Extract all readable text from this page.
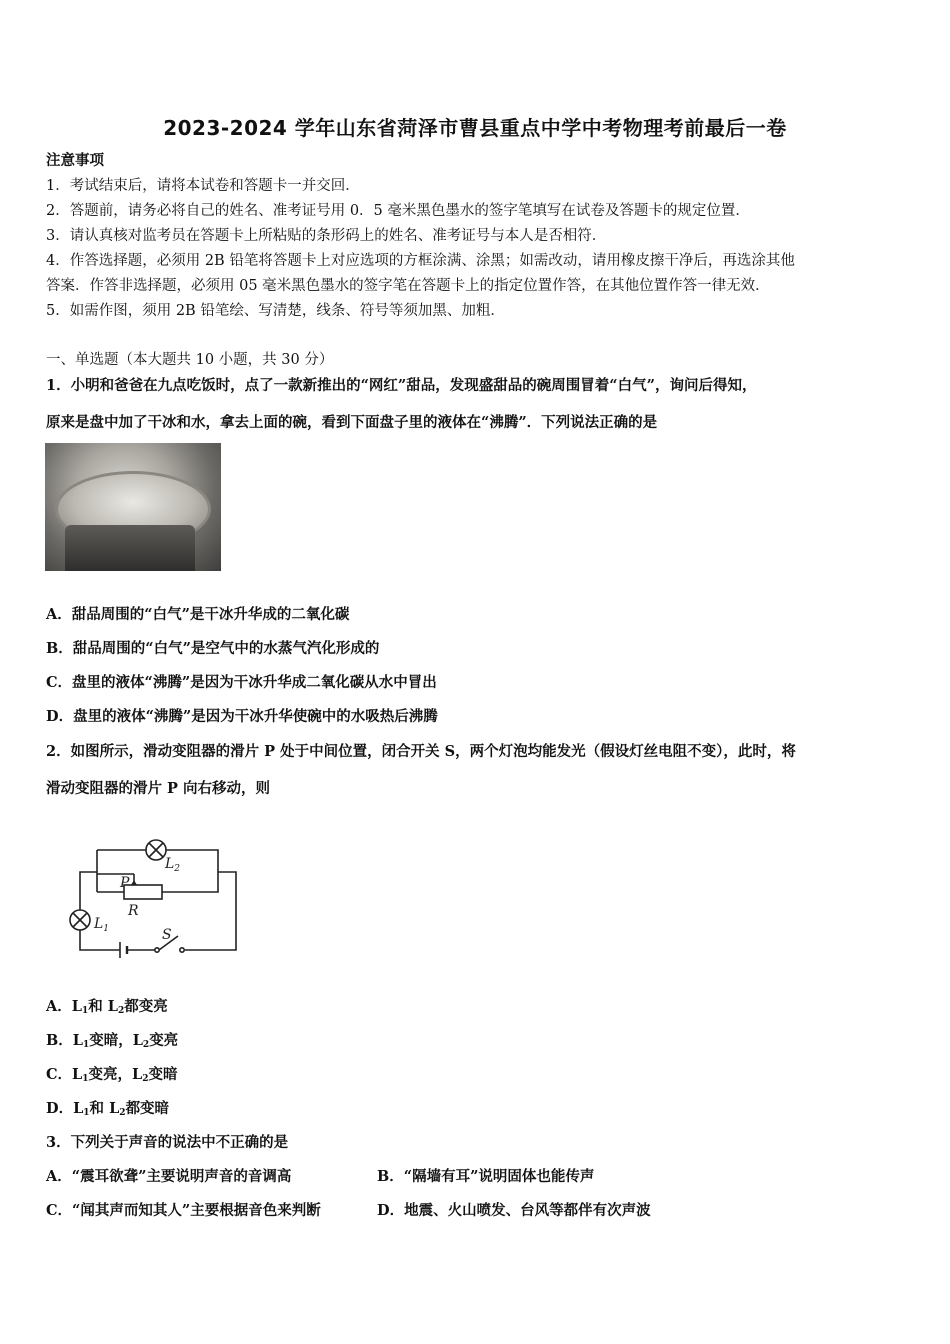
2023-2024 学年山东省菏泽市曹县重点中学中考物理考前最后一卷
注意事项
1．考试结束后，请将本试卷和答题卡一并交回．
2．答题前，请务必将自己的姓名、准考证号用 0．5 毫米黑色墨水的签字笔填写在试卷及答题卡的规定位置．
3．请认真核对监考员在答题卡上所粘贴的条形码上的姓名、准考证号与本人是否相符．
4．作答选择题，必须用 2B 铅笔将答题卡上对应选项的方框涂满、涂黑；如需改动，请用橡皮擦干净后，再选涂其他
答案．作答非选择题，必须用 05 毫米黑色墨水的签字笔在答题卡上的指定位置作答，在其他位置作答一律无效．
5．如需作图，须用 2B 铅笔绘、写清楚，线条、符号等须加黑、加粗．
一、单选题（本大题共 10 小题，共 30 分）
1．小明和爸爸在九点吃饭时，点了一款新推出的“网红”甜品，发现盛甜品的碗周围冒着“白气”，询问后得知，
原来是盘中加了干冰和水，拿去上面的碗，看到下面盘子里的液体在“沸腾”．下列说法正确的是
A．甜品周围的“白气”是干冰升华成的二氧化碳
B．甜品周围的“白气”是空气中的水蒸气汽化形成的
C．盘里的液体“沸腾”是因为干冰升华成二氧化碳从水中冒出
D．盘里的液体“沸腾”是因为干冰升华使碗中的水吸热后沸腾
2．如图所示，滑动变阻器的滑片 P 处于中间位置，闭合开关 S，两个灯泡均能发光（假设灯丝电阻不变），此时，将
滑动变阻器的滑片 P 向右移动，则
$L_2$
$L_1$
P
R
S
A．$L_1$和 $L_2$都变亮
B．$L_1$变暗，$L_2$变亮
C．$L_1$变亮，$L_2$变暗
D．$L_1$和 $L_2$都变暗
3．下列关于声音的说法中不正确的是
A．“震耳欲聋”主要说明声音的音调高	B．“隔墙有耳”说明固体也能传声
C．“闻其声而知其人”主要根据音色来判断	D．地震、火山喷发、台风等都伴有次声波
